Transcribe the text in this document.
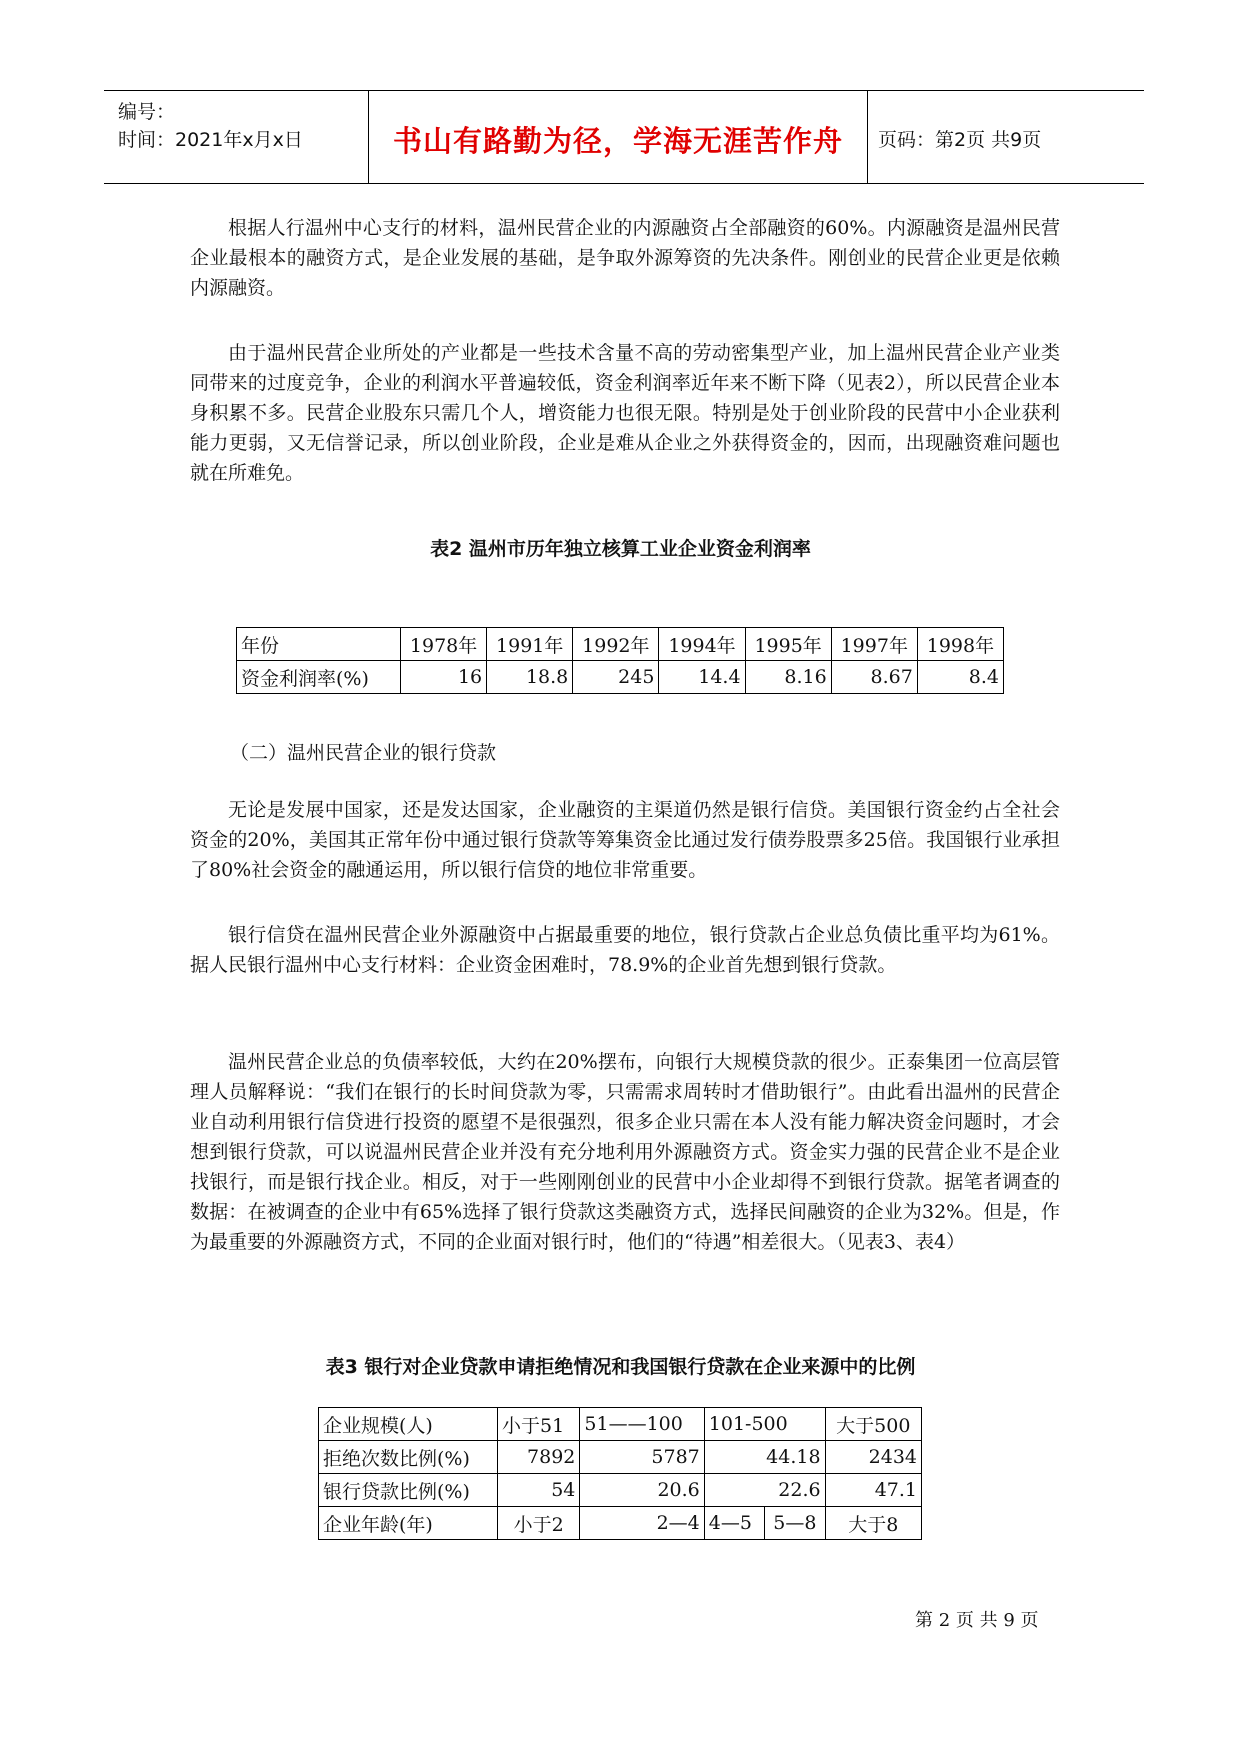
编号：
时间：2021年x月x日	书山有路勤为径，学海无涯苦作舟	页码：第2页 共9页

根据人行温州中心支行的材料，温州民营企业的内源融资占全部融资的60%。内源融资是温州民营企业最根本的融资方式，是企业发展的基础，是争取外源筹资的先决条件。刚创业的民营企业更是依赖内源融资。

由于温州民营企业所处的产业都是一些技术含量不高的劳动密集型产业，加上温州民营企业产业类同带来的过度竞争，企业的利润水平普遍较低，资金利润率近年来不断下降（见表2），所以民营企业本身积累不多。民营企业股东只需几个人，增资能力也很无限。特别是处于创业阶段的民营中小企业获利能力更弱，又无信誉记录，所以创业阶段，企业是难从企业之外获得资金的，因而，出现融资难问题也就在所难免。

表2 温州市历年独立核算工业企业资金利润率
年份	1978年	1991年	1992年	1994年	1995年	1997年	1998年
资金利润率(%)	16	18.8	245	14.4	8.16	8.67	8.4
（二）温州民营企业的银行贷款

无论是发展中国家，还是发达国家，企业融资的主渠道仍然是银行信贷。美国银行资金约占全社会资金的20%，美国其正常年份中通过银行贷款等筹集资金比通过发行债券股票多25倍。我国银行业承担了80%社会资金的融通运用，所以银行信贷的地位非常重要。

银行信贷在温州民营企业外源融资中占据最重要的地位，银行贷款占企业总负债比重平均为61%。据人民银行温州中心支行材料：企业资金困难时，78.9%的企业首先想到银行贷款。

温州民营企业总的负债率较低，大约在20%摆布，向银行大规模贷款的很少。正泰集团一位高层管理人员解释说：“我们在银行的长时间贷款为零，只需需求周转时才借助银行”。由此看出温州的民营企业自动利用银行信贷进行投资的愿望不是很强烈，很多企业只需在本人没有能力解决资金问题时，才会想到银行贷款，可以说温州民营企业并没有充分地利用外源融资方式。资金实力强的民营企业不是企业找银行，而是银行找企业。相反，对于一些刚刚创业的民营中小企业却得不到银行贷款。据笔者调查的数据：在被调查的企业中有65%选择了银行贷款这类融资方式，选择民间融资的企业为32%。但是，作为最重要的外源融资方式，不同的企业面对银行时，他们的“待遇”相差很大。（见表3、表4）

表3 银行对企业贷款申请拒绝情况和我国银行贷款在企业来源中的比例
企业规模(人)	小于51	51——100	101-500		大于500
拒绝次数比例(%)	7892	5787	44.18		2434
银行贷款比例(%)	54	20.6	22.6		47.1
企业年龄(年)	小于2	2—4	4—5	5—8	大于8
第 2 页 共 9 页
